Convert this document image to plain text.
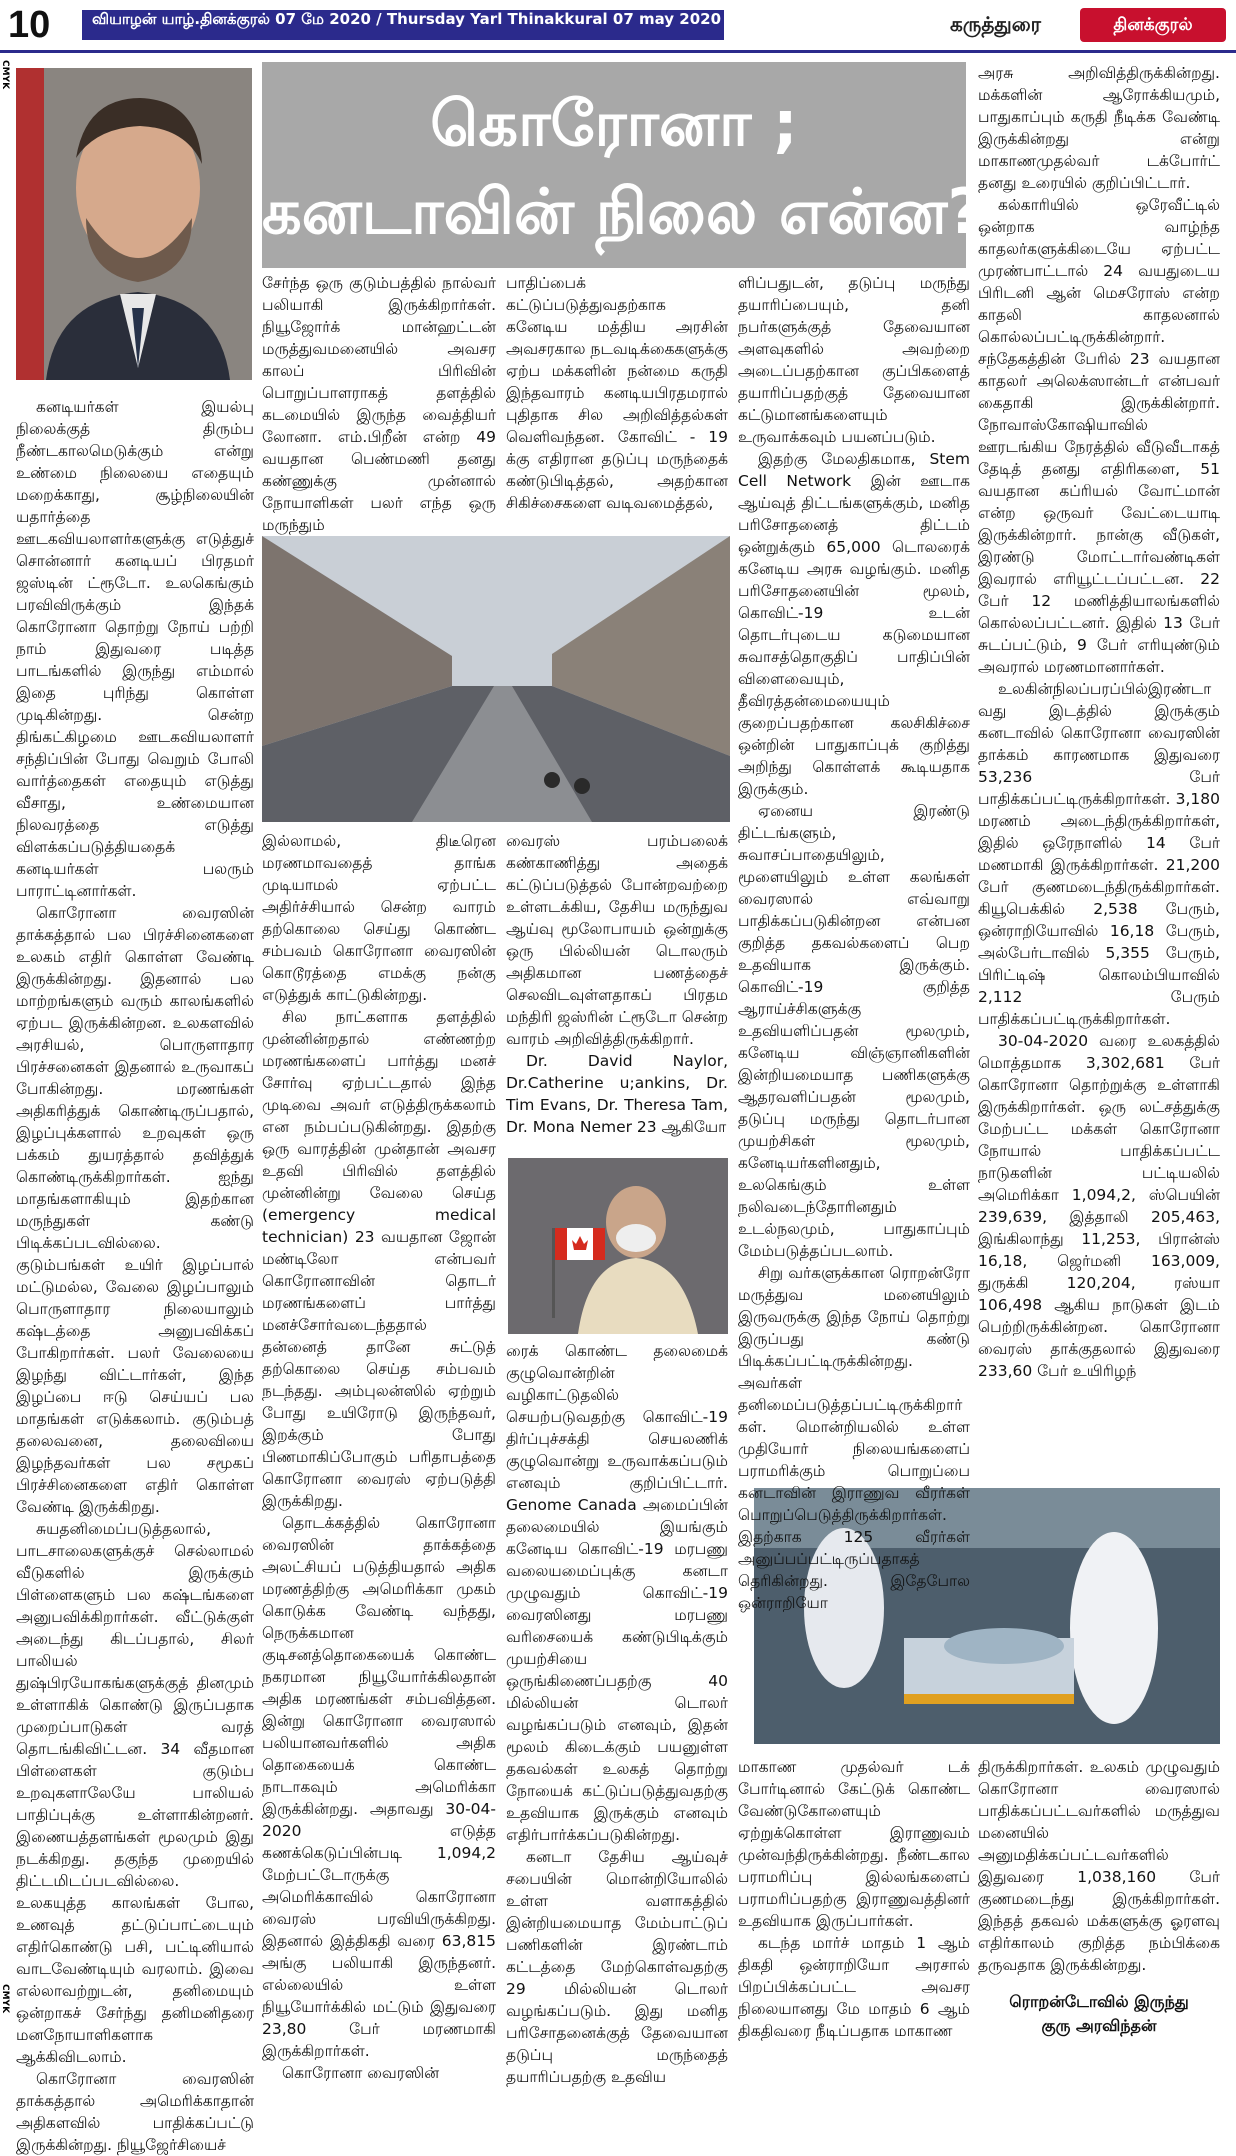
10	வியாழன் யாழ்.தினக்குரல் 07 மே 2020 / Thursday Yarl Thinakkural 07 may 2020	கருத்துரை	தினக்குரல்
CMYK
CMYK
கொரோனா ;
கனடாவின் நிலை என்ன?

கனடியர்கள் இயல்பு நிலைக்குத் திரும்ப நீண்டகாலமெடுக்கும் என்று உண்மை நிலையை எதையும் மறைக்காது, சூழ்நிலையின் யதார்த்தை ஊடகவியலாளர்களுக்கு எடுத்துச் சொன்னார் கனடியப் பிரதமர் ஜஸ்டின் ட்ரூடோ. உலகெங்கும் பரவிவிருக்கும் இந்தக் கொரோனா தொற்று நோய் பற்றி நாம் இதுவரை படித்த பாடங்களில் இருந்து எம்மால் இதை புரிந்து கொள்ள முடிகின்றது. சென்ற திங்கட்கிழமை ஊடகவியலாளர் சந்திப்பின் போது வெறும் போலி வார்த்தைகள் எதையும் எடுத்து வீசாது, உண்மையான நிலவரத்தை எடுத்து விளக்கப்படுத்தியதைக் கனடியர்கள் பலரும் பாராட்டினார்கள்.

கொரோனா வைரஸின் தாக்கத்தால் பல பிரச்சினைகளை உலகம் எதிர் கொள்ள வேண்டி இருக்கின்றது. இதனால் பல மாற்றங்களும் வரும் காலங்களில் ஏற்பட இருக்கின்றன. உலகளவில் அரசியல், பொருளாதார பிரச்சனைகள் இதனால் உருவாகப் போகின்றது. மரணங்கள் அதிகரித்துக் கொண்டிருப்பதால், இழப்புக்களால் உறவுகள் ஒரு பக்கம் துயரத்தால் தவித்துக் கொண்டிருக்கிறார்கள். ஐந்து மாதங்களாகியும் இதற்கான மருந்துகள் கண்டு பிடிக்கப்படவில்லை. குடும்பங்கள் உயிர் இழப்பால் மட்டுமல்ல, வேலை இழப்பாலும் பொருளாதார நிலையாலும் கஷ்டத்தை அனுபவிக்கப் போகிறார்கள். பலர் வேலையை இழந்து விட்டார்கள், இந்த இழப்பை ஈடு செய்யப் பல மாதங்கள் எடுக்கலாம். குடும்பத் தலைவனை, தலைவியை இழந்தவர்கள் பல சமூகப் பிரச்சினைகளை எதிர் கொள்ள வேண்டி இருக்கிறது.

சுயதனிமைப்படுத்தலால், பாடசாலைகளுக்குச் செல்லாமல் வீடுகளில் இருக்கும் பிள்ளைகளும் பல கஷ்டங்களை அனுபவிக்கிறார்கள். வீட்டுக்குள் அடைந்து கிடப்பதால், சிலர் பாலியல் துஷ்பிரயோகங்களுக்குத் தினமும் உள்ளாகிக் கொண்டு இருப்பதாக முறைப்பாடுகள் வரத் தொடங்கிவிட்டன. 34 வீதமான பிள்ளைகள் குடும்ப உறவுகளாலேயே பாலியல் பாதிப்புக்கு உள்ளாகின்றனர். இணையத்தளங்கள் மூலமும் இது நடக்கிறது. தகுந்த முறையில் திட்டமிடப்படவில்லை. உலகயுத்த காலங்கள் போல, உணவுத் தட்டுப்பாட்டையும் எதிர்கொண்டு பசி, பட்டினியால் வாடவேண்டியும் வரலாம். இவை எல்லாவற்றுடன், தனிமையும் ஒன்றாகச் சேர்ந்து தனிமனிதரை மனநோயாளிகளாக ஆக்கிவிடலாம்.

கொரோனா வைரஸின் தாக்கத்தால் அமெரிக்காதான் அதிகளவில் பாதிக்கப்பட்டு இருக்கின்றது. நியூஜேர்சியைச்

சேர்ந்த ஒரு குடும்பத்தில் நால்வர் பலியாகி இருக்கிறார்கள். நியூஜோர்க் மான்ஹட்டன் மருத்துவமனையில் அவசர காலப் பிரிவின் பொறுப்பாளராகத் தளத்தில் கடமையில் இருந்த வைத்தியர் லோனா. எம்.பிறீன் என்ற 49 வயதான பெண்மணி தனது கண்ணுக்கு முன்னால் நோயாளிகள் பலர் எந்த ஒரு மருந்தும்

பாதிப்பைக் கட்டுப்படுத்துவதற்காக கனேடிய மத்திய அரசின் அவசரகால நடவடிக்கைகளுக்கு ஏற்ப மக்களின் நன்மை கருதி இந்தவாரம் கனடியபிரதமரால் புதிதாக சில அறிவித்தல்கள் வெளிவந்தன. கோவிட் - 19 க்கு எதிரான தடுப்பு மருந்தைக் கண்டுபிடித்தல், அதற்கான சிகிச்சைகளை வடிவமைத்தல்,

இல்லாமல், திடீரென மரணமாவதைத் தாங்க முடியாமல் ஏற்பட்ட அதிர்ச்சியால் சென்ற வாரம் தற்கொலை செய்து கொண்ட சம்பவம் கொரோனா வைரஸின் கொடூரத்தை எமக்கு நன்கு எடுத்துக் காட்டுகின்றது.

சில நாட்களாக தளத்தில் முன்னின்றதால் எண்ணற்ற மரணங்களைப் பார்த்து மனச் சோர்வு ஏற்பட்டதால் இந்த முடிவை அவர் எடுத்திருக்கலாம் என நம்பப்படுகின்றது. இதற்கு ஒரு வாரத்தின் முன்தான் அவசர உதவி பிரிவில் தளத்தில் முன்னின்று வேலை செய்த (emergency medical technician) 23 வயதான ஜோன் மண்டிலோ என்பவர் கொரோனாவின் தொடர் மரணங்களைப் பார்த்து மனச்சோர்வடைந்ததால் தன்னைத் தானே சுட்டுத் தற்கொலை செய்த சம்பவம் நடந்தது. அம்புலன்ஸில் ஏற்றும் போது உயிரோடு இருந்தவர், இறக்கும் போது பிணமாகிப்போகும் பரிதாபத்தை கொரோனா வைரஸ் ஏற்படுத்தி இருக்கிறது.

தொடக்கத்தில் கொரோனா வைரஸின் தாக்கத்தை அலட்சியப் படுத்தியதால் அதிக மரணத்திற்கு அமெரிக்கா முகம் கொடுக்க வேண்டி வந்தது, நெருக்கமான குடிசனத்தொகையைக் கொண்ட நகரமான நியூயோர்க்கிலதான் அதிக மரணங்கள் சம்பவித்தன. இன்று கொரோனா வைரஸால் பலியானவர்களில் அதிக தொகையைக் கொண்ட நாடாகவும் அமெரிக்கா இருக்கின்றது. அதாவது 30-04-2020 எடுத்த கணக்கெடுப்பின்படி 1,094,2 மேற்பட்டோருக்கு அமெரிக்காவில் கொரோனா வைரஸ் பரவியிருக்கிறது. இதனால் இத்திகதி வரை 63,815 அங்கு பலியாகி இருந்தனர். எல்லையில் உள்ள நியூயோர்க்கில் மட்டும் இதுவரை 23,80 பேர் மரணமாகி இருக்கிறார்கள்.

கொரோனா வைரஸின்

வைரஸ் பரம்பலைக் கண்காணித்து அதைக் கட்டுப்படுத்தல் போன்றவற்றை உள்ளடக்கிய, தேசிய மருந்துவ ஆய்வு மூலோபாயம் ஒன்றுக்கு ஒரு பில்லியன் டொலரும் அதிகமான பணத்தைச் செலவிடவுள்ளதாகப் பிரதம மந்திரி ஜஸ்ரின் ட்ரூடோ சென்ற வாரம் அறிவித்திருக்கிறார்.

Dr. David Naylor, Dr.Catherine u;ankins, Dr. Tim Evans, Dr. Theresa Tam, Dr. Mona Nemer 23 ஆகியோ

ரைக் கொண்ட தலைமைக் குழுவொன்றின் வழிகாட்டுதலில் செயற்படுவதற்கு கொவிட்-19 திர்ப்புச்சக்தி செயலணிக் குழுவொன்று உருவாக்கப்படும் எனவும் குறிப்பிட்டார். Genome Canada அமைப்பின் தலைமையில் இயங்கும் கனேடிய கொவிட்-19 மரபணு வலையமைப்புக்கு கனடா முழுவதும் கொவிட்-19 வைரஸினது மரபணு வரிசையைக் கண்டுபிடிக்கும் முயற்சியை ஒருங்கிணைப்பதற்கு 40 மில்லியன் டொலர் வழங்கப்படும் எனவும், இதன் மூலம் கிடைக்கும் பயனுள்ள தகவல்கள் உலகத் தொற்று நோயைக் கட்டுப்படுத்துவதற்கு உதவியாக இருக்கும் எனவும் எதிர்பார்க்கப்படுகின்றது.

கனடா தேசிய ஆய்வுச் சபையின் மொன்றியோலில் உள்ள வளாகத்தில் இன்றியமையாத மேம்பாட்டுப் பணிகளின் இரண்டாம் கட்டத்தை மேற்கொள்வதற்கு 29 மில்லியன் டொலர் வழங்கப்படும். இது மனித பரிசோதனைக்குத் தேவையான தடுப்பு மருந்தைத் தயாரிப்பதற்கு உதவிய

ளிப்பதுடன், தடுப்பு மருந்து தயாரிப்பையும், தனி நபர்களுக்குத் தேவையான அளவுகளில் அவற்றை அடைப்பதற்கான குப்பிகளைத் தயாரிப்பதற்குத் தேவையான கட்டுமானங்களையும் உருவாக்கவும் பயனப்படும்.

இதற்கு மேலதிகமாக, Stem Cell Network இன் ஊடாக ஆய்வுத் திட்டங்களுக்கும், மனித பரிசோதனைத் திட்டம் ஒன்றுக்கும் 65,000 டொலரைக் கனேடிய அரசு வழங்கும். மனித பரிசோதனையின் மூலம், கொவிட்-19 உடன் தொடர்புடைய கடுமையான சுவாசத்தொகுதிப் பாதிப்பின் விளைவையும், தீவிரத்தன்மையையும் குறைப்பதற்கான கலசிகிச்சை ஒன்றின் பாதுகாப்புக் குறித்து அறிந்து கொள்ளக் கூடியதாக இருக்கும்.

ஏனைய இரண்டு திட்டங்களும், சுவாசப்பாதையிலும், மூளையிலும் உள்ள கலங்கள் வைரஸால் எவ்வாறு பாதிக்கப்படுகின்றன என்பன குறித்த தகவல்களைப் பெற உதவியாக இருக்கும். கொவிட்-19 குறித்த ஆராய்ச்சிகளுக்கு உதவியளிப்பதன் மூலமும், கனேடிய விஞ்ஞானிகளின் இன்றியமையாத பணிகளுக்கு ஆதரவளிப்பதன் மூலமும், தடுப்பு மருந்து தொடர்பான முயற்சிகள் மூலமும், கனேடியர்களினதும், உலகெங்கும் உள்ள நலிவடைந்தோரினதும் உடல்நலமும், பாதுகாப்பும் மேம்படுத்தப்படலாம்.

சிறு வர்களுக்கான ரொறன்ரோ மருத்துவ மனையிலும் இருவருக்கு இந்த நோய் தொற்று இருப்பது கண்டு பிடிக்கப்பட்டிருக்கின்றது. அவர்கள் தனிமைப்படுத்தப்பட்டிருக்கிறார்கள். மொன்றியலில் உள்ள முதியோர் நிலையங்களைப் பராமரிக்கும் பொறுப்பை கனடாவின் இராணுவ வீரர்கள் பொறுப்பெடுத்திருக்கிறார்கள். இதற்காக 125 வீரர்கள் அனுப்பப்பட்டிருப்பதாகத் தெரிகின்றது. இதேபோல ஒன்ராறியோ

அரசு அறிவித்திருக்கின்றது. மக்களின் ஆரோக்கியமும், பாதுகாப்பும் கருதி நீடிக்க வேண்டி இருக்கின்றது என்று மாகாணமுதல்வர் டக்போர்ட் தனது உரையில் குறிப்பிட்டார்.

கல்காரியில் ஒரேவீட்டில் ஒன்றாக வாழ்ந்த காதலர்களுக்கிடையே ஏற்பட்ட முரண்பாட்டால் 24 வயதுடைய பிரிடனி ஆன் மெசரோஸ் என்ற காதலி காதலனால் கொல்லப்பட்டிருக்கின்றார். சந்தேகத்தின் பேரில் 23 வயதான காதலர் அலெக்ஸான்டர் என்பவர் கைதாகி இருக்கின்றார். நோவாஸ்கோஷியாவில் ஊரடங்கிய நேரத்தில் வீடுவீடாகத் தேடித் தனது எதிரிகளை, 51 வயதான கப்ரியல் வோட்மான் என்ற ஒருவர் வேட்டையாடி இருக்கின்றார். நான்கு வீடுகள், இரண்டு மோட்டார்வண்டிகள் இவரால் எரியூட்டப்பட்டன. 22 பேர் 12 மணித்தியாலங்களில் கொல்லப்பட்டனர். இதில் 13 பேர் சுடப்பட்டும், 9 பேர் எரியுண்டும் அவரால் மரணமானார்கள்.

உலகின்நிலப்பரப்பில்இரண்டாவது இடத்தில் இருக்கும் கனடாவில் கொரோனா வைரஸின் தாக்கம் காரணமாக இதுவரை 53,236 பேர் பாதிக்கப்பட்டிருக்கிறார்கள். 3,180 மரணம் அடைந்திருக்கிறார்கள், இதில் ஒரேநாளில் 14 பேர் மணமாகி இருக்கிறார்கள். 21,200 பேர் குணமடைந்திருக்கிறார்கள். கியூபெக்கில் 2,538 பேரும், ஒன்ராறியோவில் 16,18 பேரும், அல்பேர்டாவில் 5,355 பேரும், பிரிட்டிஷ் கொலம்பியாவில் 2,112 பேரும் பாதிக்கப்பட்டிருக்கிறார்கள்.

30-04-2020 வரை உலகத்தில் மொத்தமாக 3,302,681 பேர் கொரோனா தொற்றுக்கு உள்ளாகி இருக்கிறார்கள். ஒரு லட்சத்துக்கு மேற்பட்ட மக்கள் கொரோனா நோயால் பாதிக்கப்பட்ட நாடுகளின் பட்டியலில் அமெரிக்கா 1,094,2, ஸ்பெயின் 239,639, இத்தாலி 205,463, இங்கிலாந்து 11,253, பிரான்ஸ் 16,18, ஜெர்மனி 163,009, துருக்கி 120,204, ரஸ்யா 106,498 ஆகிய நாடுகள் இடம் பெற்றிருக்கின்றன. கொரோனா வைரஸ் தாக்குதலால் இதுவரை 233,60 பேர் உயிரிழந்

மாகாண முதல்வர் டக் போர்டினால் கேட்டுக் கொண்ட வேண்டுகோளையும் ஏற்றுக்கொள்ள இராணுவம் முன்வந்திருக்கின்றது. நீண்டகால பராமரிப்பு இல்லங்களைப் பராமரிப்பதற்கு இராணுவத்தினர் உதவியாக இருப்பார்கள்.

கடந்த மார்ச் மாதம் 1 ஆம் திகதி ஒன்ராறியோ அரசால் பிறப்பிக்கப்பட்ட அவசர நிலையானது மே மாதம் 6 ஆம் திகதிவரை நீடிப்பதாக மாகாண

திருக்கிறார்கள். உலகம் முழுவதும் கொரோனா வைரஸால் பாதிக்கப்பட்டவர்களில் மருத்துவ மனையில் அனுமதிக்கப்பட்டவர்களில் இதுவரை 1,038,160 பேர் குணமடைந்து இருக்கிறார்கள். இந்தத் தகவல் மக்களுக்கு ஓரளவு எதிர்காலம் குறித்த நம்பிக்கை தருவதாக இருக்கின்றது.

ரொறன்டோவில் இருந்து
குரு அரவிந்தன்
